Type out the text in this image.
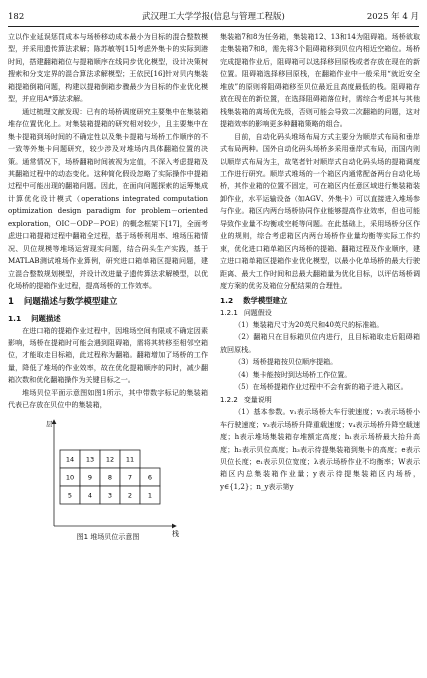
182	武汉理工大学学报(信息与管理工程版)	2025 年 4 月

立以作业延误惩罚成本与场桥移动成本最小为目标的混合整数模型，并采用遗传算法求解；陈苏敏等[15]考虑外集卡的实际到港时间，搭建翻箱箱位与提箱顺序在线同步优化模型，设计决策树搜索和分支定界的混合算法求解模型；王依民[16]针对贝内集装箱提箱倒箱问题，构建以提箱倒箱步骤最少为目标的作业优化模型，并应用A*算法求解。

通过梳理文献发现：已有的场桥调度研究主要集中在集装箱堆存位置优化上。对集装箱提箱的研究相对较少，且主要集中在集卡提箱到场时间的不确定性以及集卡提箱与场桥工作顺序的不一致等外集卡问题研究，较少涉及对堆场内具体翻箱位置的决策。通常情况下，场桥翻箱时间被视为定值，不深入考虑提箱及其翻箱过程中的动态变化。这种简化假设忽略了实际操作中提箱过程中可能出现的翻箱问题。因此，在面向问题探索的运筹集成计算优化设计模式（operations integrated computation optimization design paradigm for problem－oriented exploration，OIC－ODP－POE）的概念框架下[17]，全面考虑进口箱提箱过程中翻箱全过程，基于场桥利用率、堆场压箱情况、贝位规模等堆场运营现实问题，结合码头生产实践，基于MATLAB测试堆场作业算例，研究进口箱单箱区提箱问题，建立混合整数规划模型，并设计改进量子遗传算法求解模型，以优化场桥的提箱作业过程，提高场桥的工作效率。

1 问题描述与数学模型建立
1.1 问题描述

在进口箱的提箱作业过程中，因堆场空间有限或不确定因素影响，场桥在提箱时可能会遇到阻碍箱，需将其转移至相邻空箱位，才能取走目标箱，此过程称为翻箱。翻箱增加了场桥的工作量，降低了堆场的作业效率，故在优化提箱顺序的同时，减少翻箱次数和优化翻箱操作为关键目标之一。

堆场贝位平面示意图如图1所示，其中带数字标记的集装箱代表已存放在贝位中的集装箱，

层
栈
14 13 12 11
10 9 8 7 6
5 4 3 2 1
图1 堆场贝位示意图

集装箱7和8为任务箱，集装箱12、13和14为阻碍箱。场桥欲取走集装箱7和8，需先将3个阻碍箱移到贝位内相近空箱位。场桥完成提箱作业后，阻碍箱可以选择移回原栈或者存放在现在的新位置。阻碍箱选择移回原栈，在翻箱作业中一般采用“就近安全堆放”的原则将阻碍箱移至贝位最近且高度最低的栈。阻碍箱存放在现在的新位置，在选择阻碍箱落位时，需综合考虑其与其他栈集装箱的离场优先级，否则可能会导致二次翻箱的问题，这对提箱效率的影响更多种翻箱策略的组合。

目前，自动化码头堆场布局方式主要分为顺岸式布局和垂岸式布局两种。国外自动化码头场桥多采用垂岸式布局，而国内则以顺岸式布局为主，故笔者针对顺岸式自动化码头场的提箱调度工作进行研究。顺岸式堆场的一个箱区内通常配备两台自动化场桥，其作业箱的位置不固定，可在箱区内任意区域进行集装箱装卸作业，水平运输设备（如AGV、外集卡）可以直接进入堆场参与作业。箱区内两台场桥协同作业能够提高作业效率，但也可能导致作业量不均衡或空耗等问题。在此基础上，采用场桥分区作业的规则，综合考虑箱区内两台场桥作业量均衡等实际工作约束，优化进口箱单箱区内场桥的提箱、翻箱过程及作业顺序，建立进口箱单箱区提箱作业优化模型，以最小化单场桥的最大行驶距离、最大工作时间和总最大翻箱量为优化目标，以评估场桥调度方案的优劣及箱位分配结果的合理性。

1.2 数学模型建立
1.2.1 问题假设

（1）集装箱尺寸为20英尺和40英尺的标准箱。

（2）翻箱只在目标箱贝位内进行，且目标箱取走后阻碍箱放回原栈。

（3）场桥提箱按贝位顺序提箱。

（4）集卡能按时到达场桥工作位置。

（5）在场桥提箱作业过程中不会有新的箱子进入箱区。

1.2.2 变量说明

（1）基本参数。v₁表示场桥大车行驶速度；v₂表示场桥小车行驶速度；v₃表示场桥升降重载速度；v₄表示场桥升降空载速度；h表示堆场集装箱存堆额定高度；h₁表示场桥最大抬升高度；h₂表示贝位高度；h₃表示待提集装箱到集卡的高度；e表示贝位长度；e₁表示贝位宽度；λ表示场桥作业不均衡率；W表示箱区内总集装箱作业量；y表示待提集装箱区内场桥，y∈{1,2}；n_y表示第y
